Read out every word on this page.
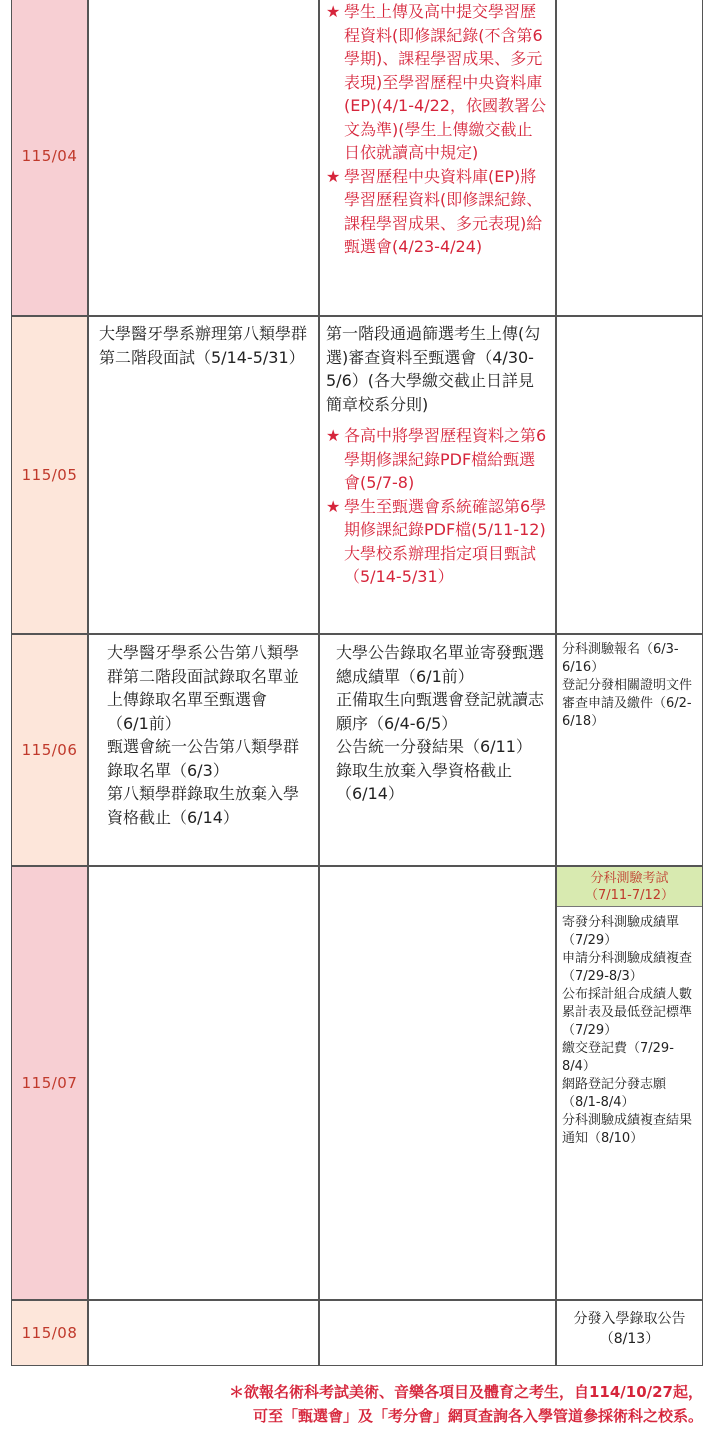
115/04
★ 學生上傳及高中提交學習歷程資料(即修課紀錄(不含第6學期)、課程學習成果、多元表現)至學習歷程中央資料庫(EP)(4/1-4/22，依國教署公文為準)(學生上傳繳交截止日依就讀高中規定)
★ 學習歷程中央資料庫(EP)將學習歷程資料(即修課紀錄、課程學習成果、多元表現)給甄選會(4/23-4/24)
115/05
大學醫牙學系辦理第八類學群第二階段面試（5/14-5/31）
第一階段通過篩選考生上傳(勾選)審查資料至甄選會（4/30-5/6）(各大學繳交截止日詳見簡章校系分則)
★ 各高中將學習歷程資料之第6學期修課紀錄PDF檔給甄選會(5/7-8)
★ 學生至甄選會系統確認第6學期修課紀錄PDF檔(5/11-12)
大學校系辦理指定項目甄試（5/14-5/31）
115/06
大學醫牙學系公告第八類學群第二階段面試錄取名單並上傳錄取名單至甄選會（6/1前）
甄選會統一公告第八類學群錄取名單（6/3）
第八類學群錄取生放棄入學資格截止（6/14）
大學公告錄取名單並寄發甄選總成績單（6/1前）
正備取生向甄選會登記就讀志願序（6/4-6/5）
公告統一分發結果（6/11）
錄取生放棄入學資格截止（6/14）
分科測驗報名（6/3-6/16）
登記分發相關證明文件審查申請及繳件（6/2-6/18）
115/07
分科測驗考試
（7/11-7/12）
寄發分科測驗成績單（7/29）
申請分科測驗成績複查（7/29-8/3）
公布採計組合成績人數累計表及最低登記標準（7/29）
繳交登記費（7/29-8/4）
網路登記分發志願（8/1-8/4）
分科測驗成績複查結果通知（8/10）
115/08
分發入學錄取公告
（8/13）
＊欲報名術科考試美術、音樂各項目及體育之考生，自114/10/27起，
可至「甄選會」及「考分會」網頁查詢各入學管道參採術科之校系。
